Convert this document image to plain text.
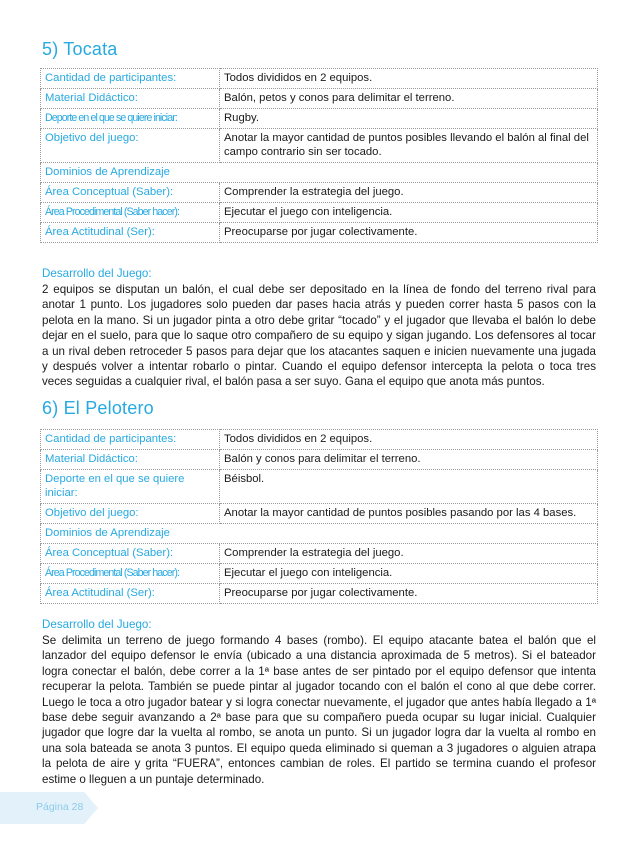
5) Tocata
Cantidad de participantes:	Todos divididos en 2 equipos.
Material Didáctico:	Balón, petos y conos para delimitar el terreno.
Deporte en el que se quiere iniciar:	Rugby.
Objetivo del juego:	Anotar la mayor cantidad de puntos posibles llevando el balón al final del campo contrario sin ser tocado.
Dominios de Aprendizaje	
Área Conceptual (Saber):	Comprender la estrategia del juego.
Área Procedimental (Saber hacer):	Ejecutar el juego con inteligencia.
Área Actitudinal (Ser):	Preocuparse por jugar colectivamente.
Desarrollo del Juego:
2 equipos se disputan un balón, el cual debe ser depositado en la línea de fondo del terreno rival para anotar 1 punto. Los jugadores solo pueden dar pases hacia atrás y pueden correr hasta 5 pasos con la pelota en la mano. Si un jugador pinta a otro debe gritar “tocado” y el jugador que llevaba el balón lo debe dejar en el suelo, para que lo saque otro compañero de su equipo y sigan jugando. Los defensores al tocar a un rival deben retroceder 5 pasos para dejar que los atacantes saquen e inicien nuevamente una jugada y después volver a intentar robarlo o pintar. Cuando el equipo defensor intercepta la pelota o toca tres veces seguidas a cualquier rival, el balón pasa a ser suyo. Gana el equipo que anota más puntos.
6) El Pelotero
Cantidad de participantes:	Todos divididos en 2 equipos.
Material Didáctico:	Balón y conos para delimitar el terreno.
Deporte en el que se quiere iniciar:	Béisbol.
Objetivo del juego:	Anotar la mayor cantidad de puntos posibles pasando por las 4 bases.
Dominios de Aprendizaje	
Área Conceptual (Saber):	Comprender la estrategia del juego.
Área Procedimental (Saber hacer):	Ejecutar el juego con inteligencia.
Área Actitudinal (Ser):	Preocuparse por jugar colectivamente.
Desarrollo del Juego:
Se delimita un terreno de juego formando 4 bases (rombo). El equipo atacante batea el balón que el lanzador del equipo defensor le envía (ubicado a una distancia aproximada de 5 metros). Si el bateador logra conectar el balón, debe correr a la 1ª base antes de ser pintado por el equipo defensor que intenta recuperar la pelota. También se puede pintar al jugador tocando con el balón el cono al que debe correr. Luego le toca a otro jugador batear y si logra conectar nuevamente, el jugador que antes había llegado a 1ª base debe seguir avanzando a 2ª base para que su compañero pueda ocupar su lugar inicial. Cualquier jugador que logre dar la vuelta al rombo, se anota un punto. Si un jugador logra dar la vuelta al rombo en una sola bateada se anota 3 puntos. El equipo queda eliminado si queman a 3 jugadores o alguien atrapa la pelota de aire y grita “FUERA”, entonces cambian de roles. El partido se termina cuando el profesor estime o lleguen a un puntaje determinado.
Página 28
